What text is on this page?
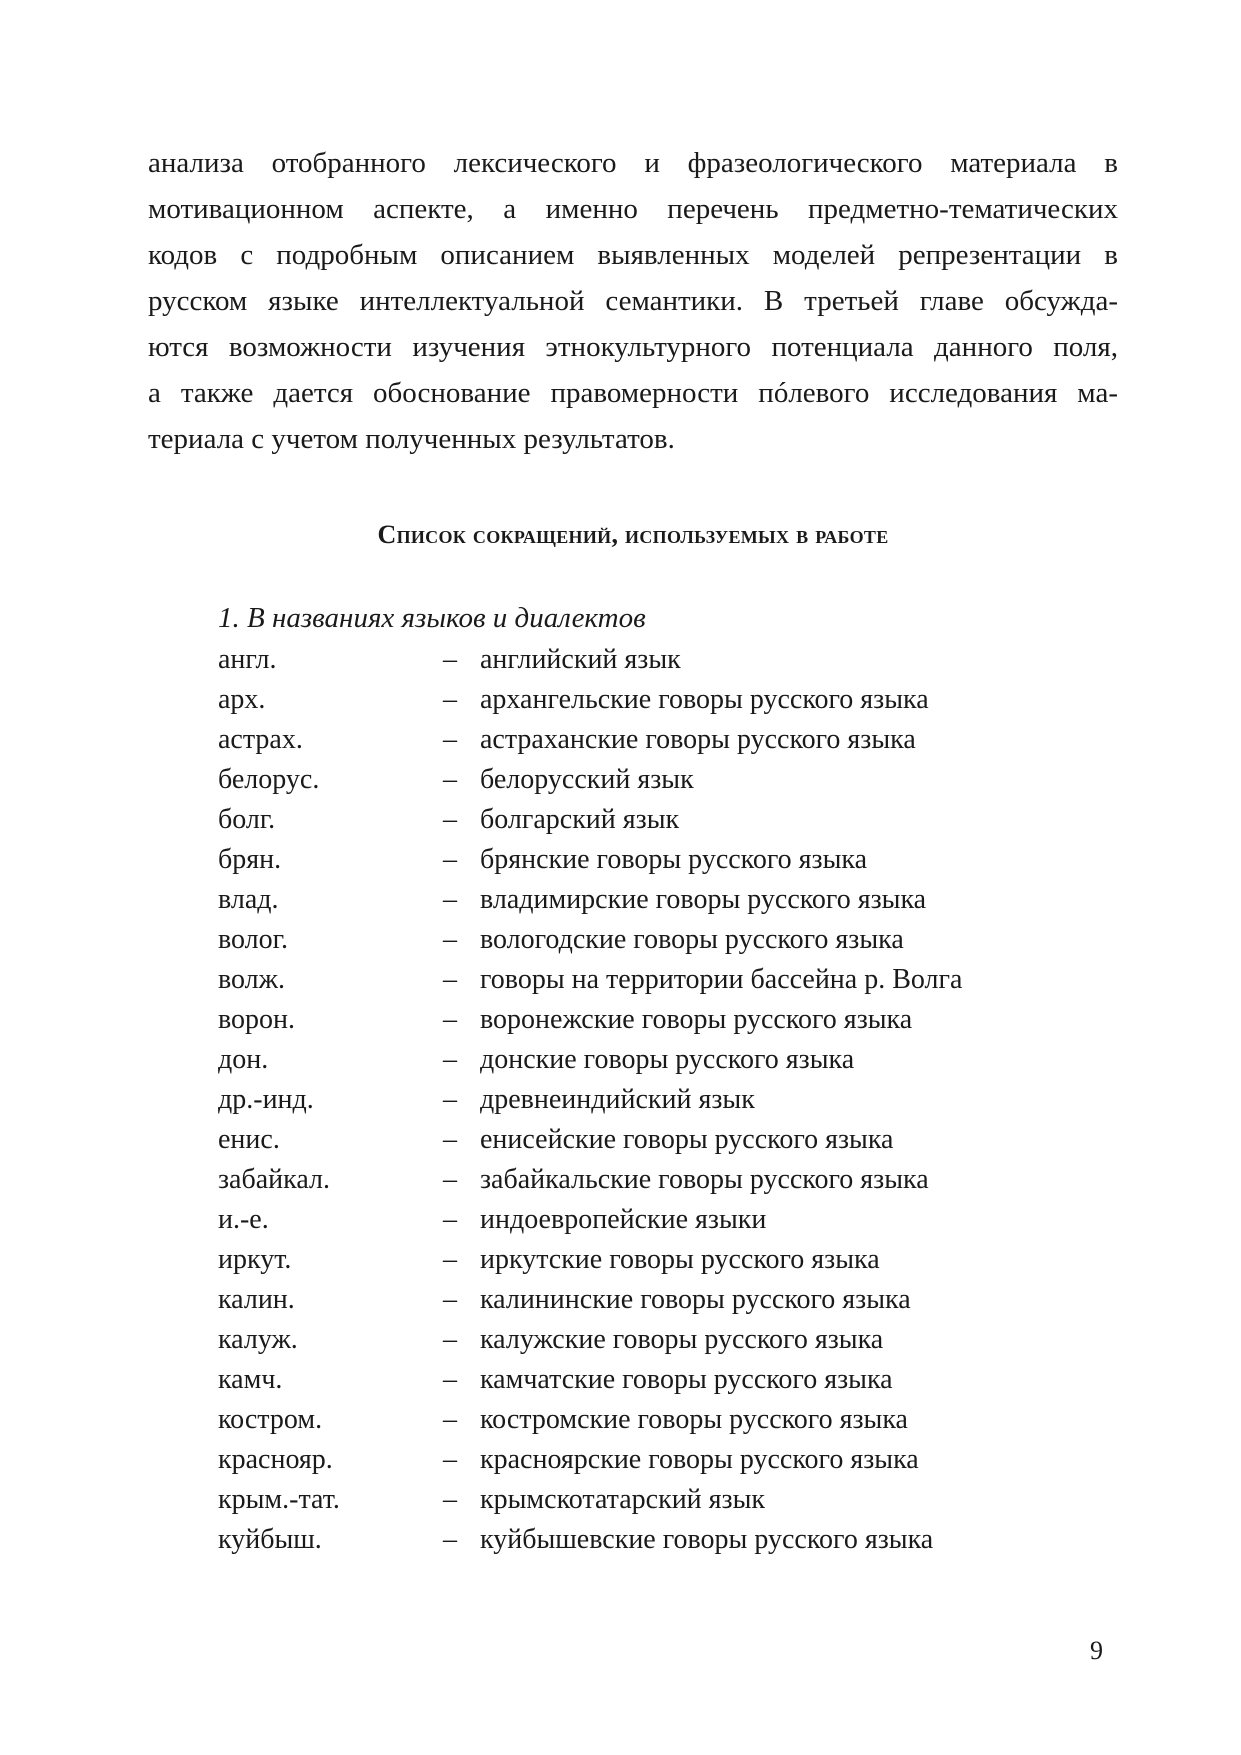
анализа отобранного лексического и фразеологического материала в
мотивационном аспекте, а именно перечень предметно-тематических
кодов с подробным описанием выявленных моделей репрезентации в
русском языке интеллектуальной семантики. В третьей главе обсужда-
ются возможности изучения этнокультурного потенциала данного поля,
а также дается обоснование правомерности пóлевого исследования ма-
териала с учетом полученных результатов.
Список сокращений, используемых в работе
1. В названиях языков и диалектов
англ.	– английский язык
арх.	– архангельские говоры русского языка
астрах.	– астраханские говоры русского языка
белорус.	– белорусский язык
болг.	– болгарский язык
брян.	– брянские говоры русского языка
влад.	– владимирские говоры русского языка
волог.	– вологодские говоры русского языка
волж.	– говоры на территории бассейна р. Волга
ворон.	– воронежские говоры русского языка
дон.	– донские говоры русского языка
др.-инд.	– древнеиндийский язык
енис.	– енисейские говоры русского языка
забайкал.	– забайкальские говоры русского языка
и.-е.	– индоевропейские языки
иркут.	– иркутские говоры русского языка
калин.	– калининские говоры русского языка
калуж.	– калужские говоры русского языка
камч.	– камчатские говоры русского языка
костром.	– костромские говоры русского языка
краснояр.	– красноярские говоры русского языка
крым.-тат.	– крымскотатарский язык
куйбыш.	– куйбышевские говоры русского языка
9
